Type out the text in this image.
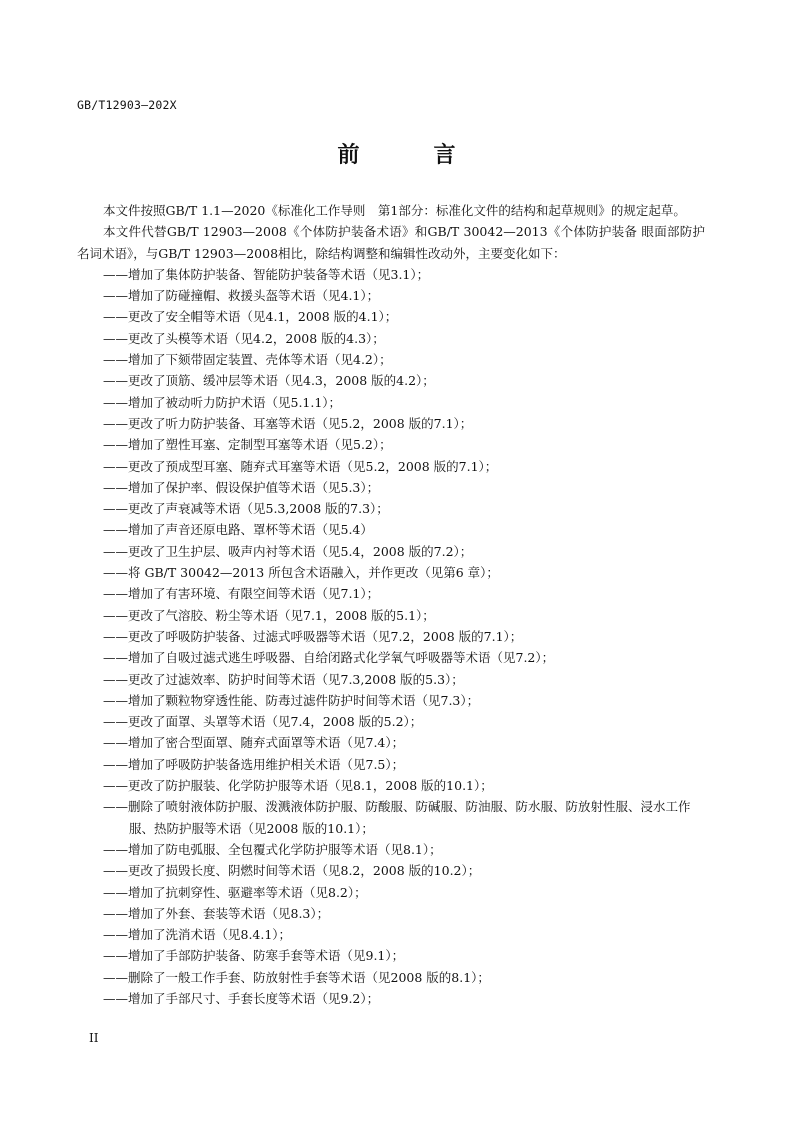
GB/T12903—202X
前　言

本文件按照GB/T 1.1—2020《标准化工作导则　第1部分：标准化文件的结构和起草规则》的规定起草。

本文件代替GB/T 12903—2008《个体防护装备术语》和GB/T 30042—2013《个体防护装备 眼面部防护 名词术语》，与GB/T 12903—2008相比，除结构调整和编辑性改动外，主要变化如下：

——增加了集体防护装备、智能防护装备等术语（见3.1）；
——增加了防碰撞帽、救援头盔等术语（见4.1）；
——更改了安全帽等术语（见4.1，2008 版的4.1）；
——更改了头模等术语（见4.2，2008 版的4.3）；
——增加了下颏带固定装置、壳体等术语（见4.2）；
——更改了顶筋、缓冲层等术语（见4.3，2008 版的4.2）；
——增加了被动听力防护术语（见5.1.1）；
——更改了听力防护装备、耳塞等术语（见5.2，2008 版的7.1）；
——增加了塑性耳塞、定制型耳塞等术语（见5.2）；
——更改了预成型耳塞、随弃式耳塞等术语（见5.2，2008 版的7.1）；
——增加了保护率、假设保护值等术语（见5.3）；
——更改了声衰减等术语（见5.3,2008 版的7.3）；
——增加了声音还原电路、罩杯等术语（见5.4）
——更改了卫生护层、吸声内衬等术语（见5.4，2008 版的7.2）；
——将 GB/T 30042—2013 所包含术语融入，并作更改（见第6 章）；
——增加了有害环境、有限空间等术语（见7.1）；
——更改了气溶胶、粉尘等术语（见7.1，2008 版的5.1）；
——更改了呼吸防护装备、过滤式呼吸器等术语（见7.2，2008 版的7.1）；
——增加了自吸过滤式逃生呼吸器、自给闭路式化学氧气呼吸器等术语（见7.2）；
——更改了过滤效率、防护时间等术语（见7.3,2008 版的5.3）；
——增加了颗粒物穿透性能、防毒过滤件防护时间等术语（见7.3）；
——更改了面罩、头罩等术语（见7.4，2008 版的5.2）；
——增加了密合型面罩、随弃式面罩等术语（见7.4）；
——增加了呼吸防护装备选用维护相关术语（见7.5）；
——更改了防护服装、化学防护服等术语（见8.1，2008 版的10.1）；
——删除了喷射液体防护服、泼溅液体防护服、防酸服、防碱服、防油服、防水服、防放射性服、浸水工作服、热防护服等术语（见2008 版的10.1）；
——增加了防电弧服、全包覆式化学防护服等术语（见8.1）；
——更改了损毁长度、阴燃时间等术语（见8.2，2008 版的10.2）；
——增加了抗刺穿性、驱避率等术语（见8.2）；
——增加了外套、套装等术语（见8.3）；
——增加了洗消术语（见8.4.1）；
——增加了手部防护装备、防寒手套等术语（见9.1）；
——删除了一般工作手套、防放射性手套等术语（见2008 版的8.1）；
——增加了手部尺寸、手套长度等术语（见9.2）；
II
